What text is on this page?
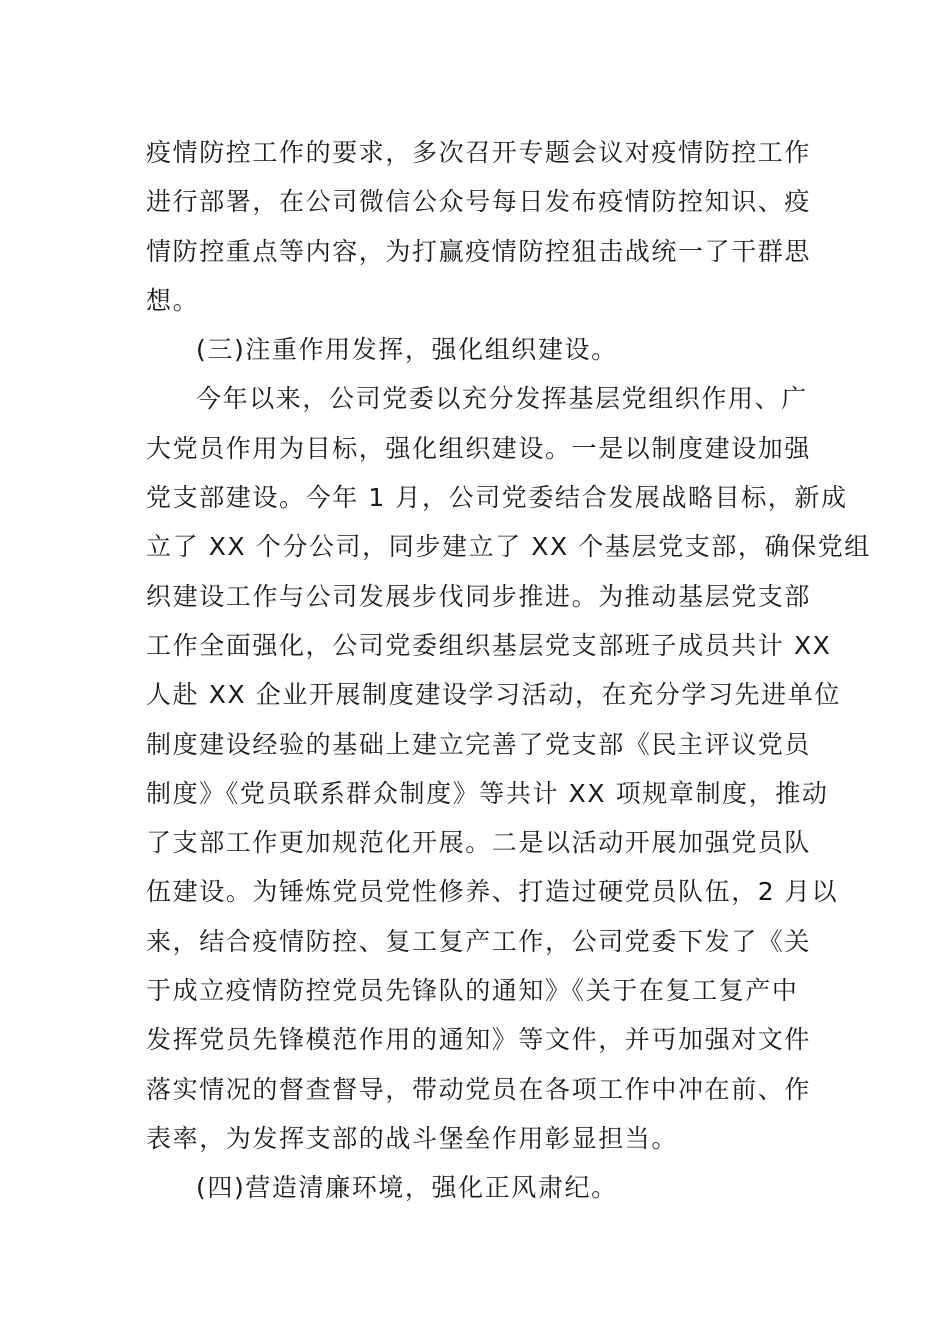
疫情防控工作的要求，多次召开专题会议对疫情防控工作
进行部署，在公司微信公众号每日发布疫情防控知识、疫
情防控重点等内容，为打赢疫情防控狙击战统一了干群思
想。
(三)注重作用发挥，强化组织建设。
今年以来，公司党委以充分发挥基层党组织作用、广
大党员作用为目标，强化组织建设。一是以制度建设加强
党支部建设。今年 1 月，公司党委结合发展战略目标，新成
立了 XX 个分公司，同步建立了 XX 个基层党支部，确保党组
织建设工作与公司发展步伐同步推进。为推动基层党支部
工作全面强化，公司党委组织基层党支部班子成员共计 XX
人赴 XX 企业开展制度建设学习活动，在充分学习先进单位
制度建设经验的基础上建立完善了党支部《民主评议党员
制度》《党员联系群众制度》等共计 XX 项规章制度，推动
了支部工作更加规范化开展。二是以活动开展加强党员队
伍建设。为锤炼党员党性修养、打造过硬党员队伍，2 月以
来，结合疫情防控、复工复产工作，公司党委下发了《关
于成立疫情防控党员先锋队的通知》《关于在复工复产中
发挥党员先锋模范作用的通知》等文件，并丏加强对文件
落实情况的督查督导，带动党员在各项工作中冲在前、作
表率，为发挥支部的战斗堡垒作用彰显担当。
(四)营造清廉环境，强化正风肃纪。
